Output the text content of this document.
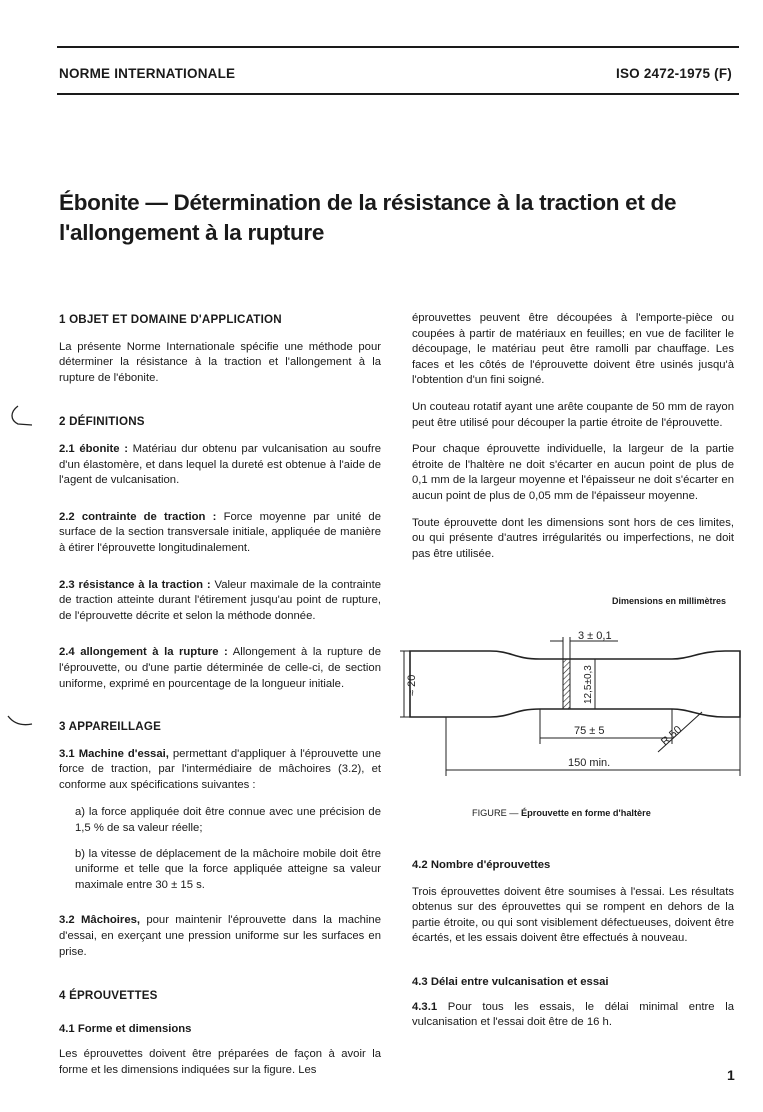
NORME INTERNATIONALE	ISO 2472-1975 (F)
Ébonite — Détermination de la résistance à la traction et de
l'allongement à la rupture
1 OBJET ET DOMAINE D'APPLICATION

La présente Norme Internationale spécifie une méthode pour déterminer la résistance à la traction et l'allongement à la rupture de l'ébonite.

2 DÉFINITIONS

2.1 ébonite : Matériau dur obtenu par vulcanisation au soufre d'un élastomère, et dans lequel la dureté est obtenue à l'aide de l'agent de vulcanisation.

2.2 contrainte de traction : Force moyenne par unité de surface de la section transversale initiale, appliquée de manière à étirer l'éprouvette longitudinalement.

2.3 résistance à la traction : Valeur maximale de la contrainte de traction atteinte durant l'étirement jusqu'au point de rupture, de l'éprouvette décrite et selon la méthode donnée.

2.4 allongement à la rupture : Allongement à la rupture de l'éprouvette, ou d'une partie déterminée de celle-ci, de section uniforme, exprimé en pourcentage de la longueur initiale.

3 APPAREILLAGE

3.1 Machine d'essai, permettant d'appliquer à l'éprouvette une force de traction, par l'intermédiaire de mâchoires (3.2), et conforme aux spécifications suivantes :

a) la force appliquée doit être connue avec une précision de 1,5 % de sa valeur réelle;

b) la vitesse de déplacement de la mâchoire mobile doit être uniforme et telle que la force appliquée atteigne sa valeur maximale entre 30 ± 15 s.

3.2 Mâchoires, pour maintenir l'éprouvette dans la machine d'essai, en exerçant une pression uniforme sur les surfaces en prise.

4 ÉPROUVETTES
4.1 Forme et dimensions

Les éprouvettes doivent être préparées de façon à avoir la forme et les dimensions indiquées sur la figure. Les

éprouvettes peuvent être découpées à l'emporte-pièce ou coupées à partir de matériaux en feuilles; en vue de faciliter le découpage, le matériau peut être ramolli par chauffage. Les faces et les côtés de l'éprouvette doivent être usinés jusqu'à l'obtention d'un fini soigné.

Un couteau rotatif ayant une arête coupante de 50 mm de rayon peut être utilisé pour découper la partie étroite de l'éprouvette.

Pour chaque éprouvette individuelle, la largeur de la partie étroite de l'haltère ne doit s'écarter en aucun point de plus de 0,1 mm de la largeur moyenne et l'épaisseur ne doit s'écarter en aucun point de plus de 0,05 mm de l'épaisseur moyenne.

Toute éprouvette dont les dimensions sont hors de ces limites, ou qui présente d'autres irrégularités ou imperfections, ne doit pas être utilisée.

Dimensions en millimètres
3 ± 0,1
12,5±0,3
≈ 20
75 ± 5	R 50
150 min.
FIGURE — Éprouvette en forme d'haltère
4.2 Nombre d'éprouvettes

Trois éprouvettes doivent être soumises à l'essai. Les résultats obtenus sur des éprouvettes qui se rompent en dehors de la partie étroite, ou qui sont visiblement défectueuses, doivent être écartés, et les essais doivent être effectués à nouveau.

4.3 Délai entre vulcanisation et essai

4.3.1 Pour tous les essais, le délai minimal entre la vulcanisation et l'essai doit être de 16 h.

1
